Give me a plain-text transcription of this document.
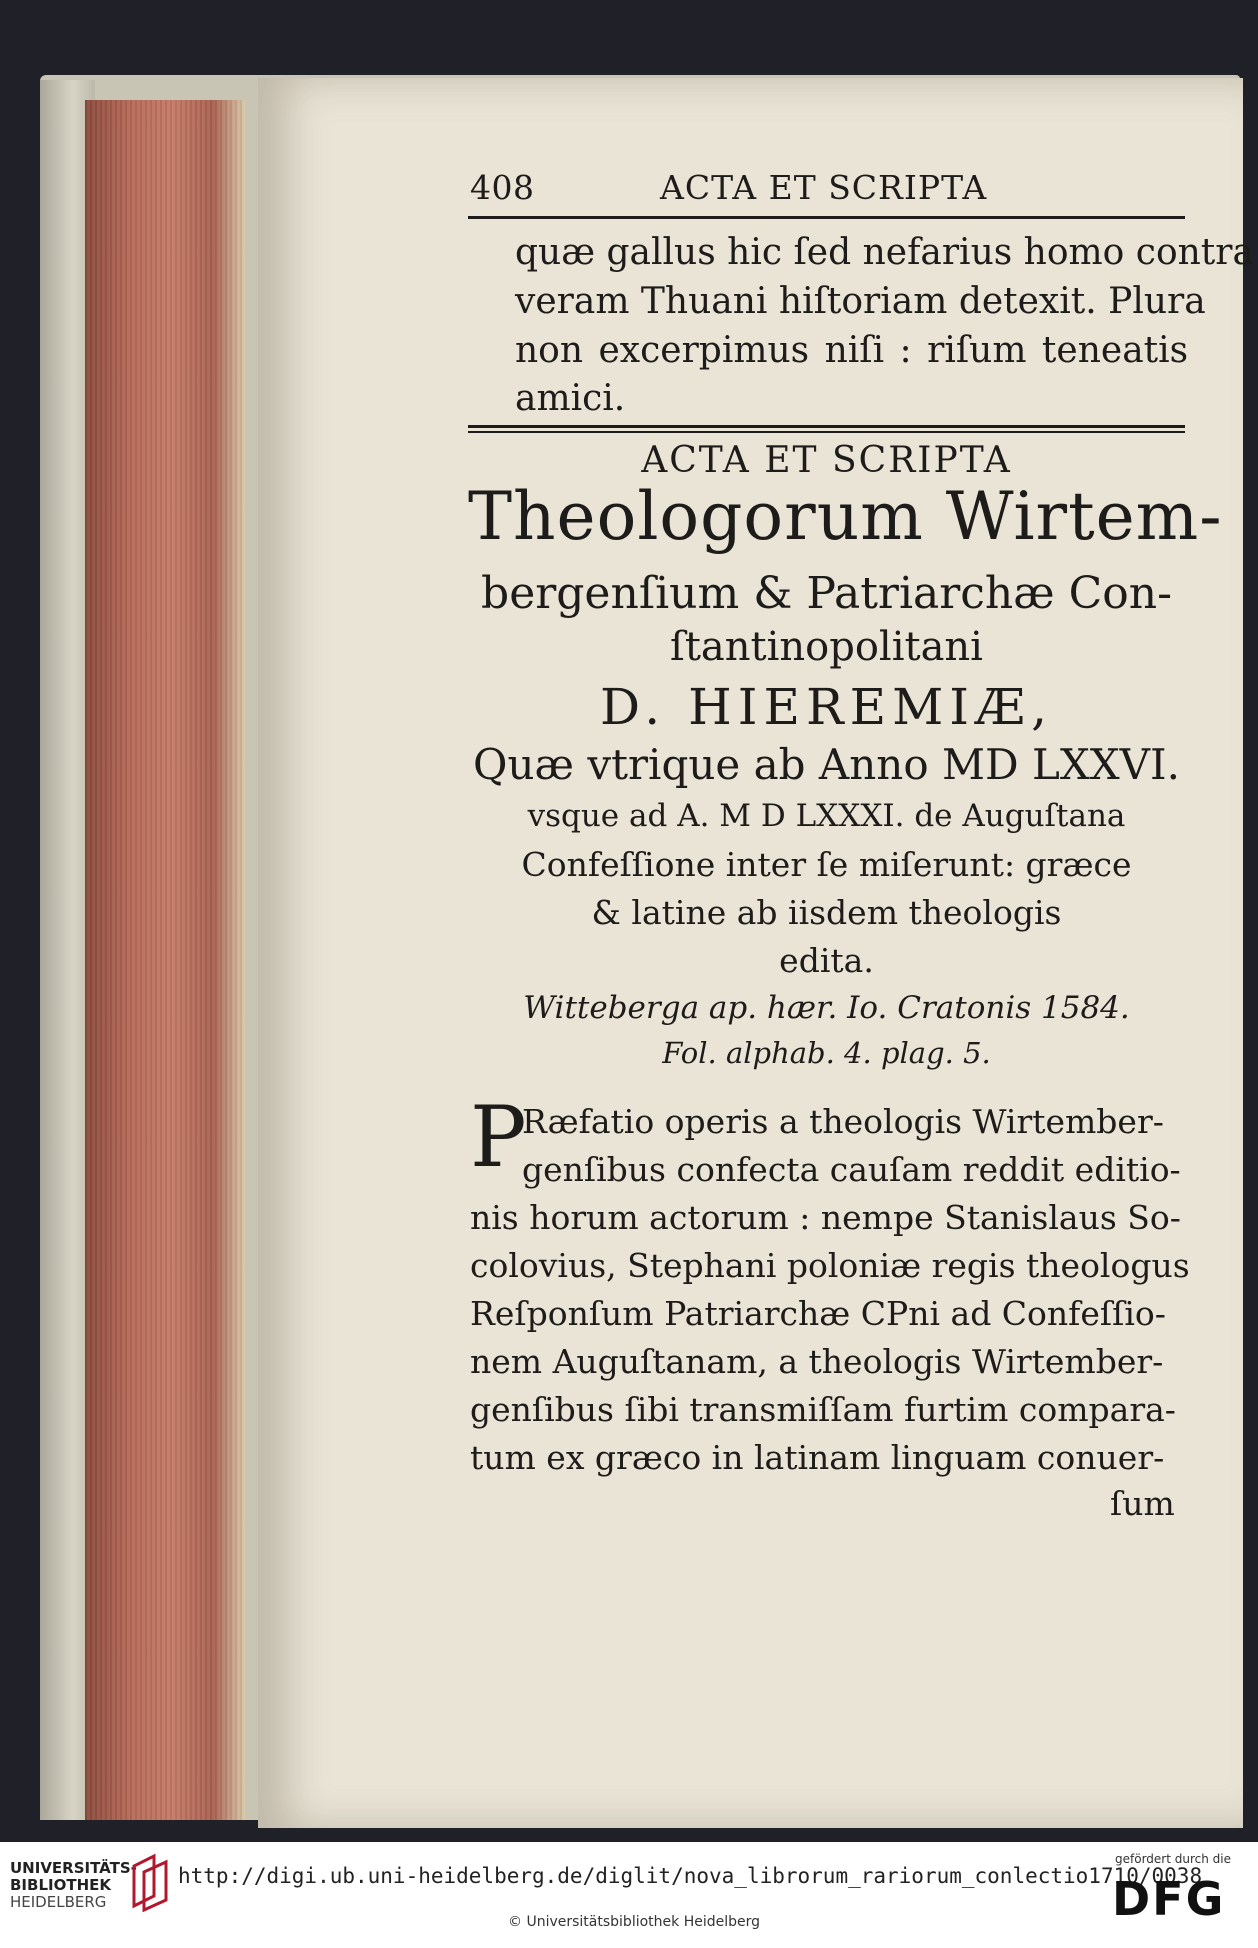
408	ACTA ET SCRIPTA
quæ gallus hic ſed nefarius homo contra
veram Thuani hiſtoriam detexit. Plura
non excerpimus niſi : riſum teneatis
amici.
ACTA ET SCRIPTA
Theologorum Wirtem-
bergenſium & Patriarchæ Con-
ſtantinopolitani
D. HIEREMIÆ,
Quæ vtrique ab Anno MD LXXVI.
vsque ad A. M D LXXXI. de Auguſtana
Confeſſione inter ſe miſerunt: græce
& latine ab iisdem theologis
edita.
Witteberga ap. hær. Io. Cratonis 1584.
Fol. alphab. 4. plag. 5.
P
Ræfatio operis a theologis Wirtember-
genſibus confecta cauſam reddit editio-
nis horum actorum : nempe Stanislaus So-
colovius, Stephani poloniæ regis theologus
Reſponſum Patriarchæ CPni ad Confeſſio-
nem Auguſtanam, a theologis Wirtember-
genſibus ſibi transmiſſam furtim compara-
tum ex græco in latinam linguam conuer-
ſum
UNIVERSITÄTS-
BIBLIOTHEK
HEIDELBERG
http://digi.ub.uni-heidelberg.de/diglit/nova_librorum_rariorum_conlectio1710/0038
© Universitätsbibliothek Heidelberg
gefördert durch die
DFG
